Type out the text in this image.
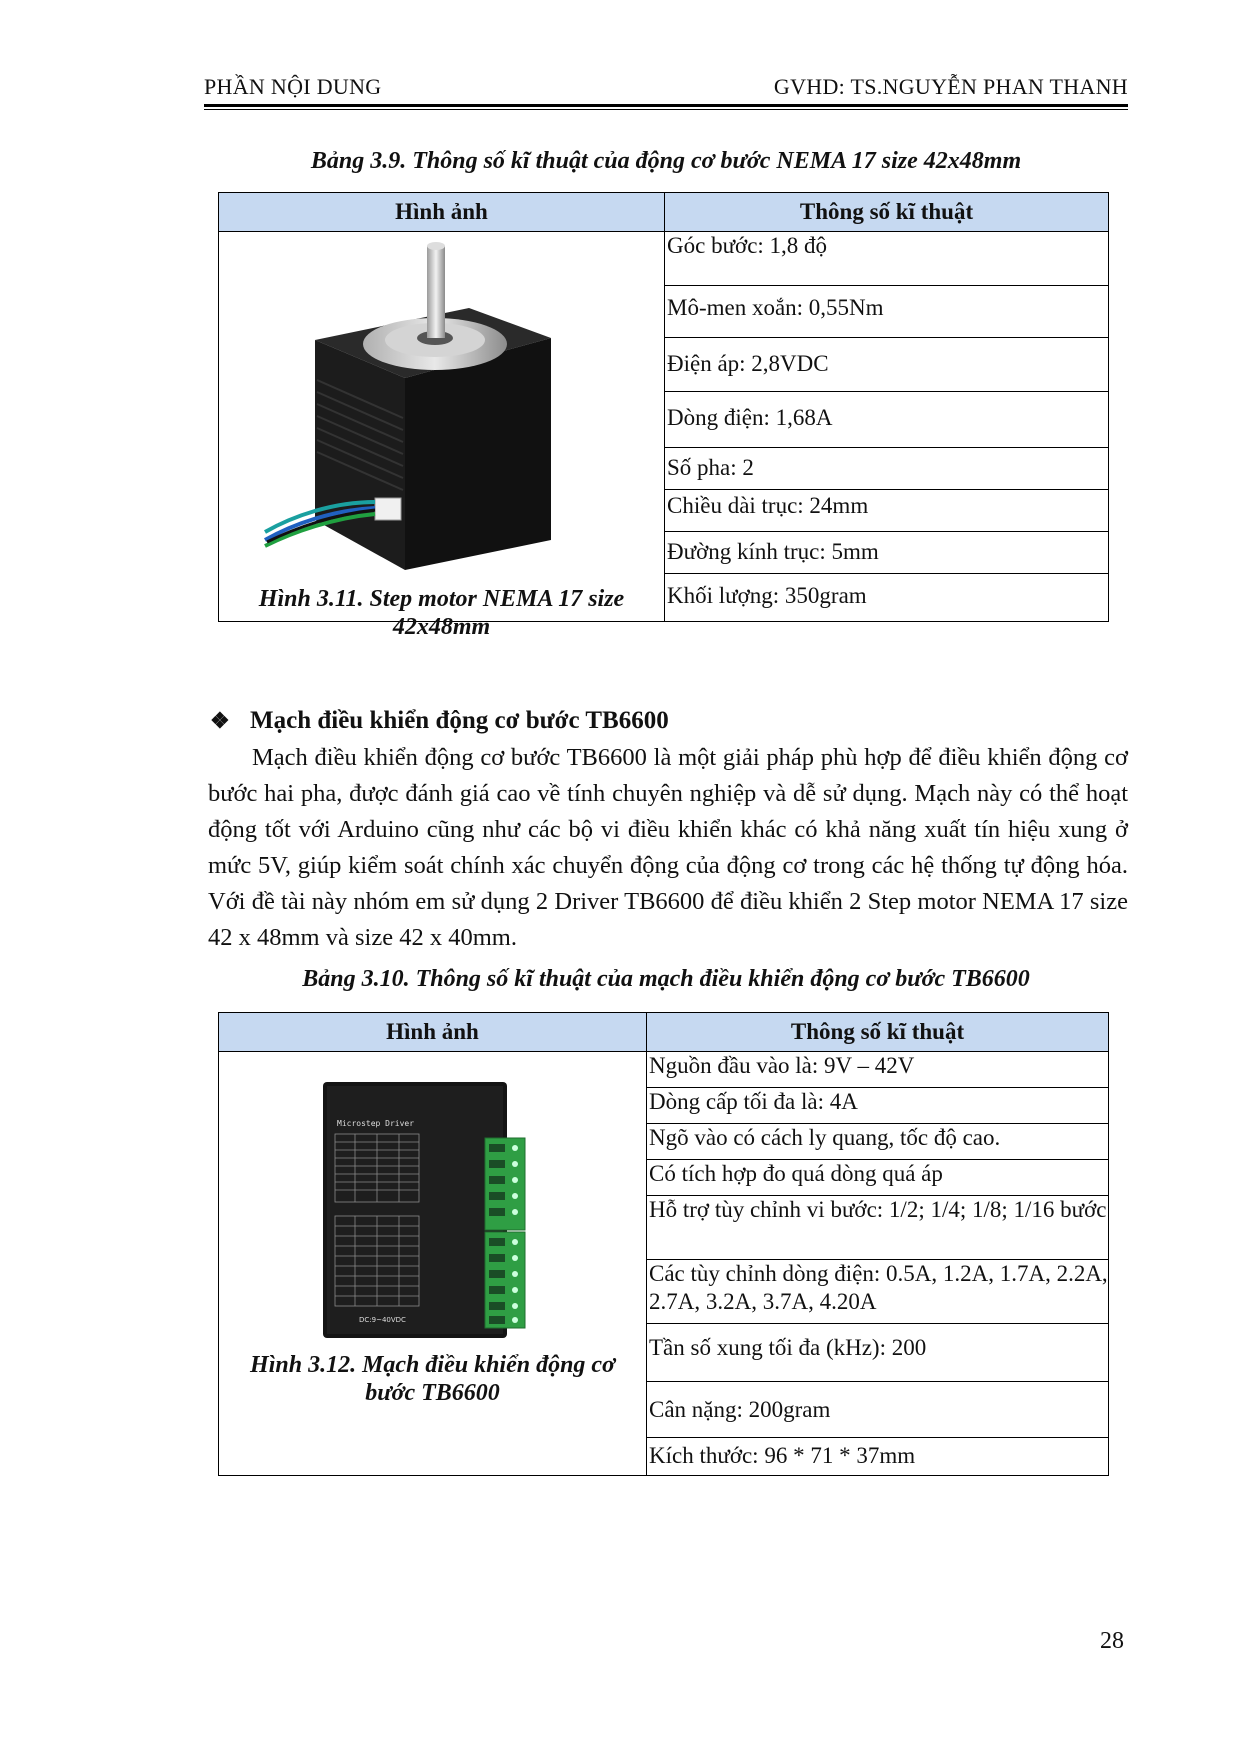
PHẦN NỘI DUNG	GVHD: TS.NGUYỄN PHAN THANH
Bảng 3.9. Thông số kĩ thuật của động cơ bước NEMA 17 size 42x48mm
Hình ảnh	Thông số kĩ thuật

Hình 3.11. Step motor NEMA 17 size 42x48mm	Góc bước: 1,8 độ
	Mô-men xoắn: 0,55Nm
	Điện áp: 2,8VDC
	Dòng điện: 1,68A
	Số pha: 2
	Chiều dài trục: 24mm
	Đường kính trục: 5mm
	Khối lượng: 350gram
❖ Mạch điều khiển động cơ bước TB6600
Mạch điều khiển động cơ bước TB6600 là một giải pháp phù hợp để điều khiển động cơ bước hai pha, được đánh giá cao về tính chuyên nghiệp và dễ sử dụng. Mạch này có thể hoạt động tốt với Arduino cũng như các bộ vi điều khiển khác có khả năng xuất tín hiệu xung ở mức 5V, giúp kiểm soát chính xác chuyển động của động cơ trong các hệ thống tự động hóa. Với đề tài này nhóm em sử dụng 2 Driver TB6600 để điều khiển 2 Step motor NEMA 17 size 42 x 48mm và size 42 x 40mm.
Bảng 3.10. Thông số kĩ thuật của mạch điều khiển động cơ bước TB6600
Hình ảnh	Thông số kĩ thuật

Microstep Driver
DC:9~40VDC
Hình 3.12. Mạch điều khiển động cơ bước TB6600	Nguồn đầu vào là: 9V – 42V
	Dòng cấp tối đa là: 4A
	Ngõ vào có cách ly quang, tốc độ cao.
	Có tích hợp đo quá dòng quá áp
	Hỗ trợ tùy chỉnh vi bước: 1/2; 1/4; 1/8; 1/16 bước
	Các tùy chỉnh dòng điện: 0.5A, 1.2A, 1.7A, 2.2A, 2.7A, 3.2A, 3.7A, 4.20A
	Tần số xung tối đa (kHz): 200
	Cân nặng: 200gram
	Kích thước: 96 * 71 * 37mm
28
